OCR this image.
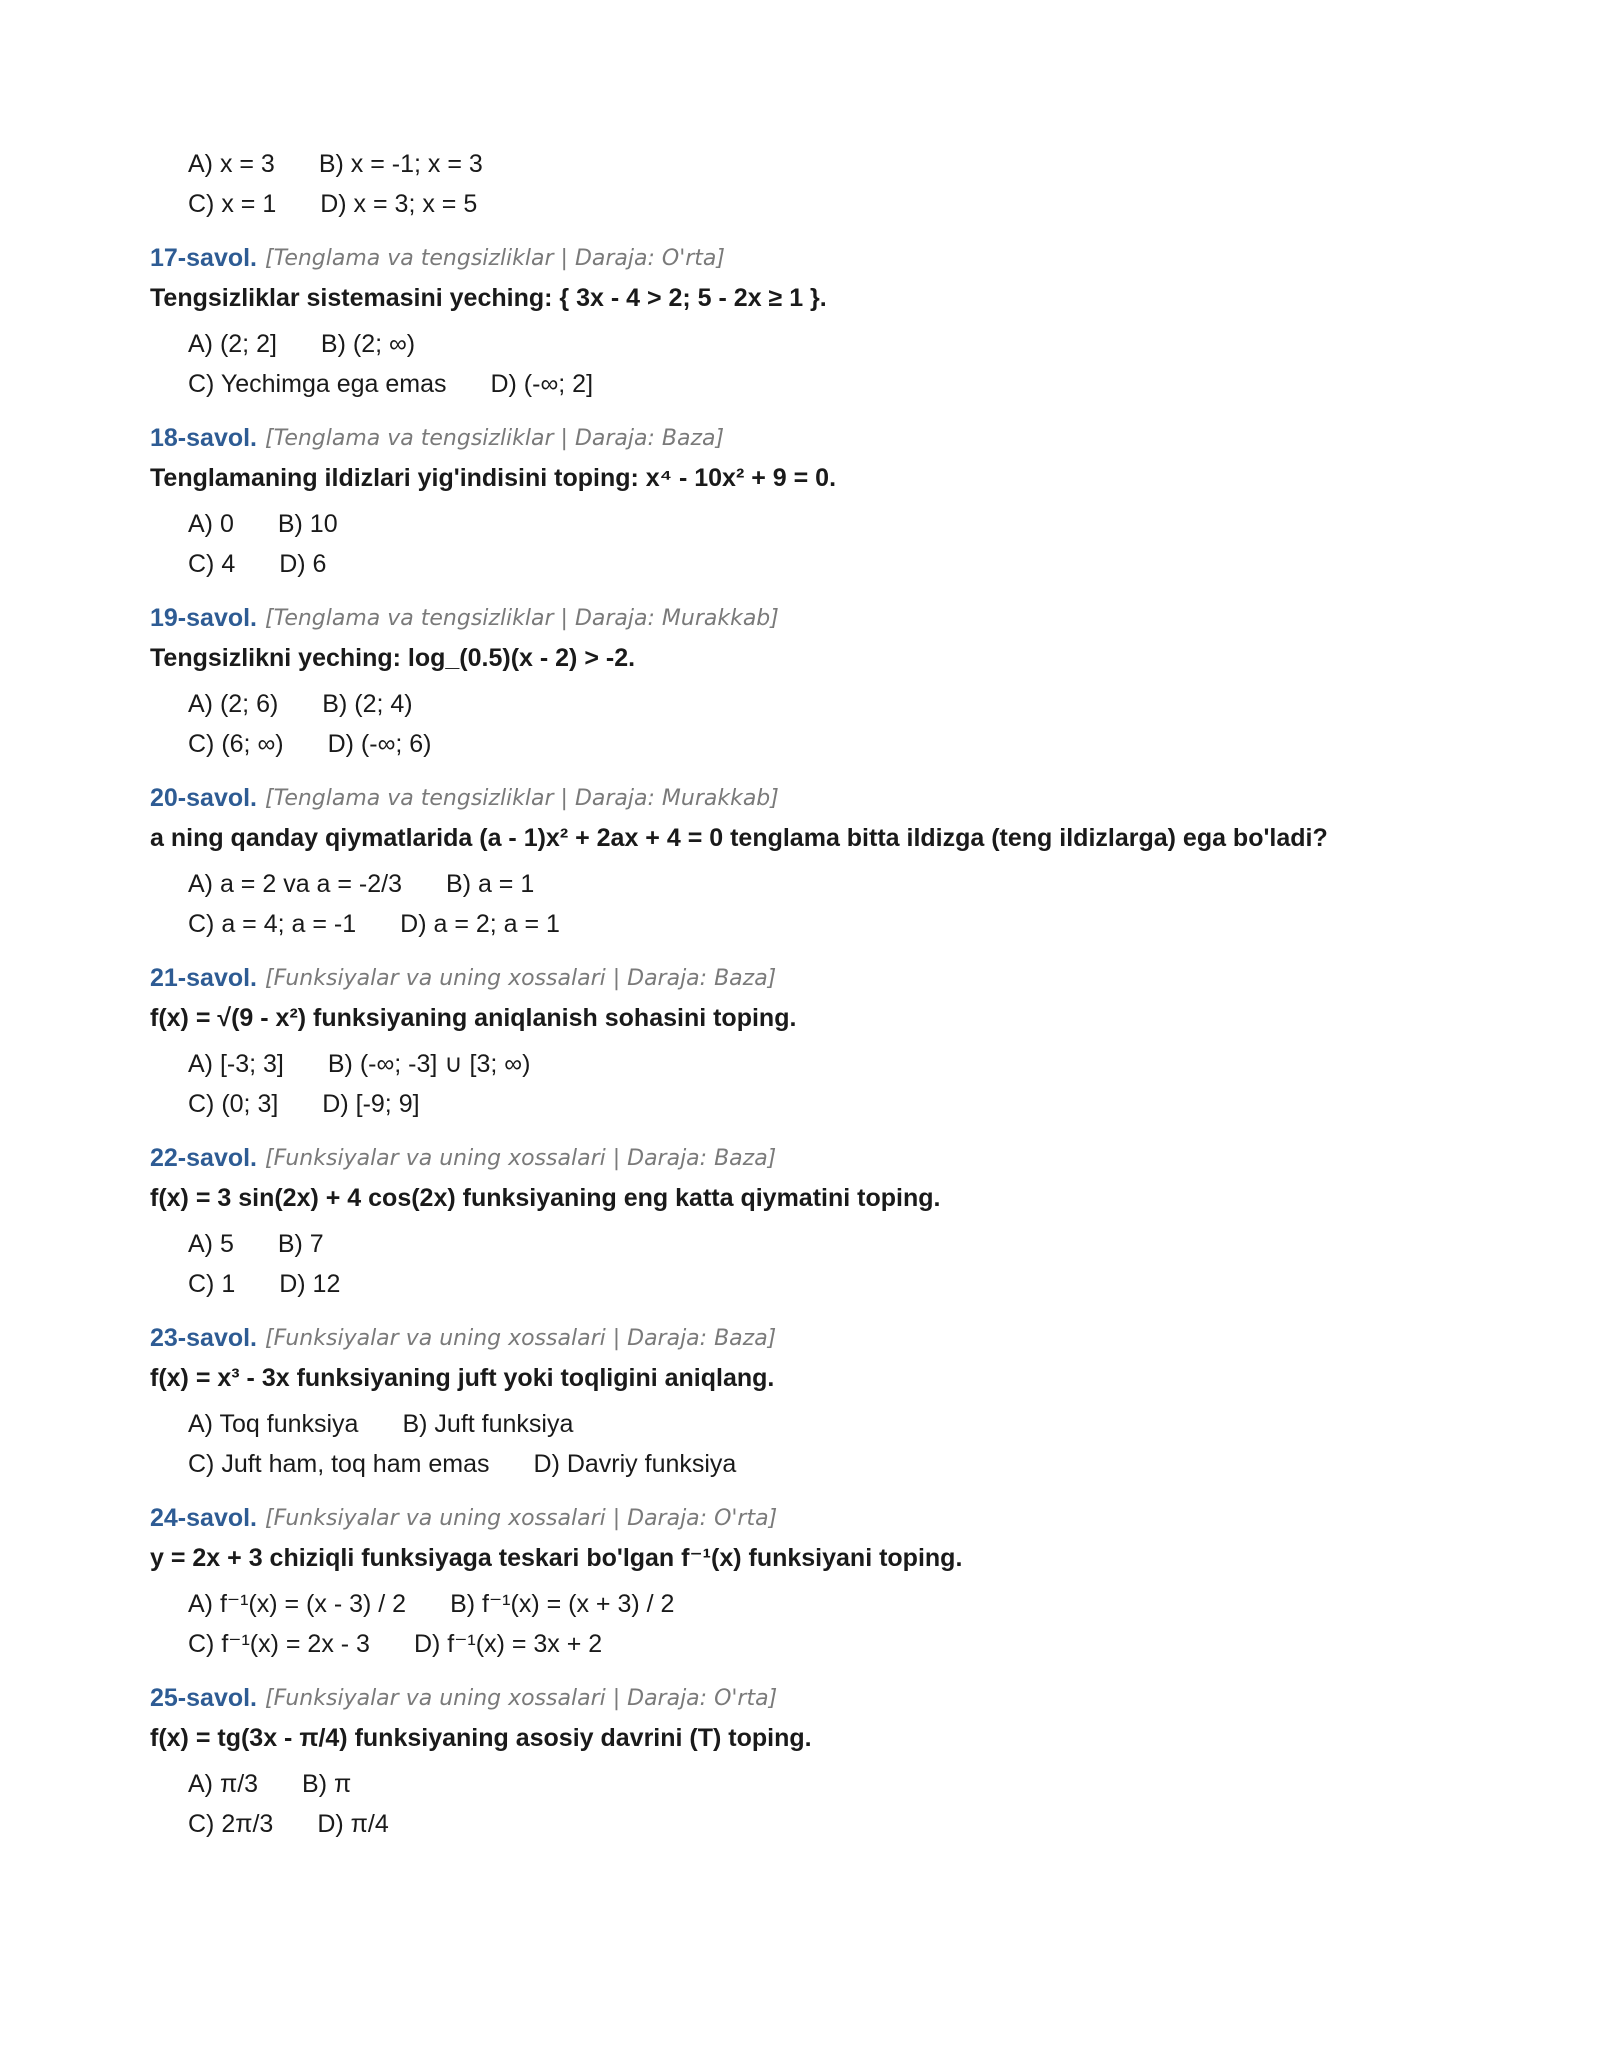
A) x = 3 B) x = -1; x = 3
C) x = 1 D) x = 3; x = 5
17-savol. [Tenglama va tengsizliklar | Daraja: O'rta]
Tengsizliklar sistemasini yeching: { 3x - 4 > 2; 5 - 2x ≥ 1 }.
A) (2; 2] B) (2; ∞)
C) Yechimga ega emas D) (-∞; 2]
18-savol. [Tenglama va tengsizliklar | Daraja: Baza]
Tenglamaning ildizlari yig'indisini toping: x⁴ - 10x² + 9 = 0.
A) 0 B) 10
C) 4 D) 6
19-savol. [Tenglama va tengsizliklar | Daraja: Murakkab]
Tengsizlikni yeching: log_(0.5)(x - 2) > -2.
A) (2; 6) B) (2; 4)
C) (6; ∞) D) (-∞; 6)
20-savol. [Tenglama va tengsizliklar | Daraja: Murakkab]
a ning qanday qiymatlarida (a - 1)x² + 2ax + 4 = 0 tenglama bitta ildizga (teng ildizlarga) ega bo'ladi?
A) a = 2 va a = -2/3 B) a = 1
C) a = 4; a = -1 D) a = 2; a = 1
21-savol. [Funksiyalar va uning xossalari | Daraja: Baza]
f(x) = √(9 - x²) funksiyaning aniqlanish sohasini toping.
A) [-3; 3] B) (-∞; -3] ∪ [3; ∞)
C) (0; 3] D) [-9; 9]
22-savol. [Funksiyalar va uning xossalari | Daraja: Baza]
f(x) = 3 sin(2x) + 4 cos(2x) funksiyaning eng katta qiymatini toping.
A) 5 B) 7
C) 1 D) 12
23-savol. [Funksiyalar va uning xossalari | Daraja: Baza]
f(x) = x³ - 3x funksiyaning juft yoki toqligini aniqlang.
A) Toq funksiya B) Juft funksiya
C) Juft ham, toq ham emas D) Davriy funksiya
24-savol. [Funksiyalar va uning xossalari | Daraja: O'rta]
y = 2x + 3 chiziqli funksiyaga teskari bo'lgan f⁻¹(x) funksiyani toping.
A) f⁻¹(x) = (x - 3) / 2 B) f⁻¹(x) = (x + 3) / 2
C) f⁻¹(x) = 2x - 3 D) f⁻¹(x) = 3x + 2
25-savol. [Funksiyalar va uning xossalari | Daraja: O'rta]
f(x) = tg(3x - π/4) funksiyaning asosiy davrini (T) toping.
A) π/3 B) π
C) 2π/3 D) π/4
